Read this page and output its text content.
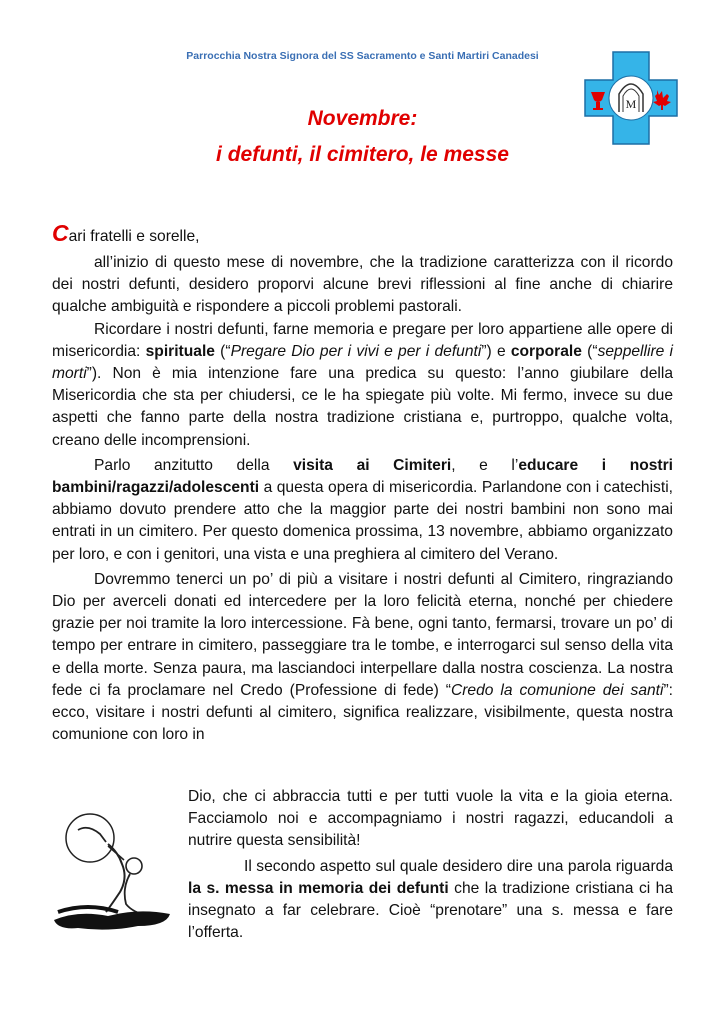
Parrocchia Nostra Signora del SS Sacramento e Santi Martiri Canadesi
M
Novembre:
i defunti, il cimitero, le messe
Cari fratelli e sorelle,

all’inizio di questo mese di novembre, che la tradizione caratterizza con il ricordo dei nostri defunti, desidero proporvi alcune brevi riflessioni al fine anche di chiarire qualche ambiguità e rispondere a piccoli problemi pastorali.

Ricordare i nostri defunti, farne memoria e pregare per loro appartiene alle opere di misericordia: spirituale (“Pregare Dio per i vivi e per i defunti”) e corporale (“seppellire i morti”). Non è mia intenzione fare una predica su questo: l’anno giubilare della Misericordia che sta per chiudersi, ce le ha spiegate più volte. Mi fermo, invece su due aspetti che fanno parte della nostra tradizione cristiana e, purtroppo, qualche volta, creano delle incomprensioni.

Parlo anzitutto della visita ai Cimiteri, e l’educare i nostri bambini/ragazzi/adolescenti a questa opera di misericordia. Parlandone con i catechisti, abbiamo dovuto prendere atto che la maggior parte dei nostri bambini non sono mai entrati in un cimitero. Per questo domenica prossima, 13 novembre, abbiamo organizzato per loro, e con i genitori, una vista e una preghiera al cimitero del Verano.

Dovremmo tenerci un po’ di più a visitare i nostri defunti al Cimitero, ringraziando Dio per averceli donati ed intercedere per la loro felicità eterna, nonché per chiedere grazie per noi tramite la loro intercessione. Fà bene, ogni tanto, fermarsi, trovare un po’ di tempo per entrare in cimitero, passeggiare tra le tombe, e interrogarci sul senso della vita e della morte. Senza paura, ma lasciandoci interpellare dalla nostra coscienza. La nostra fede ci fa proclamare nel Credo (Professione di fede) “Credo la comunione dei santi”: ecco, visitare i nostri defunti al cimitero, significa realizzare, visibilmente, questa nostra comunione con loro in

Dio, che ci abbraccia tutti e per tutti vuole la vita e la gioia eterna. Facciamolo noi e accompagniamo i nostri ragazzi, educandoli a nutrire questa sensibilità!

Il secondo aspetto sul quale desidero dire una parola riguarda la s. messa in memoria dei defunti che la tradizione cristiana ci ha insegnato a far celebrare. Cioè “prenotare” una s. messa e fare l’offerta.
